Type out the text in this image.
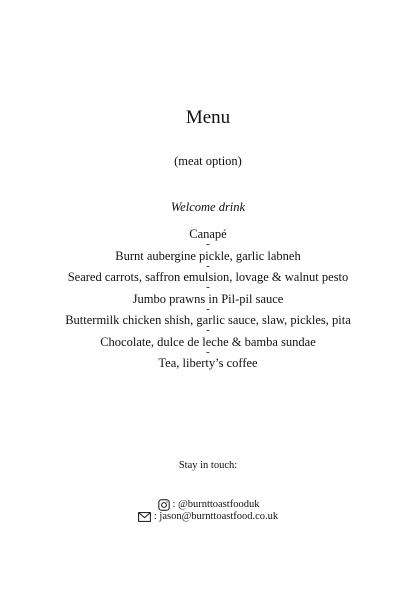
Menu
(meat option)
Welcome drink
Canapé
-
Burnt aubergine pickle, garlic labneh
-
Seared carrots, saffron emulsion, lovage & walnut pesto
-
Jumbo prawns in Pil-pil sauce
-
Buttermilk chicken shish, garlic sauce, slaw, pickles, pita
-
Chocolate, dulce de leche & bamba sundae
-
Tea, liberty’s coffee
Stay in touch:
: @burnttoastfooduk
: jason@burnttoastfood.co.uk
